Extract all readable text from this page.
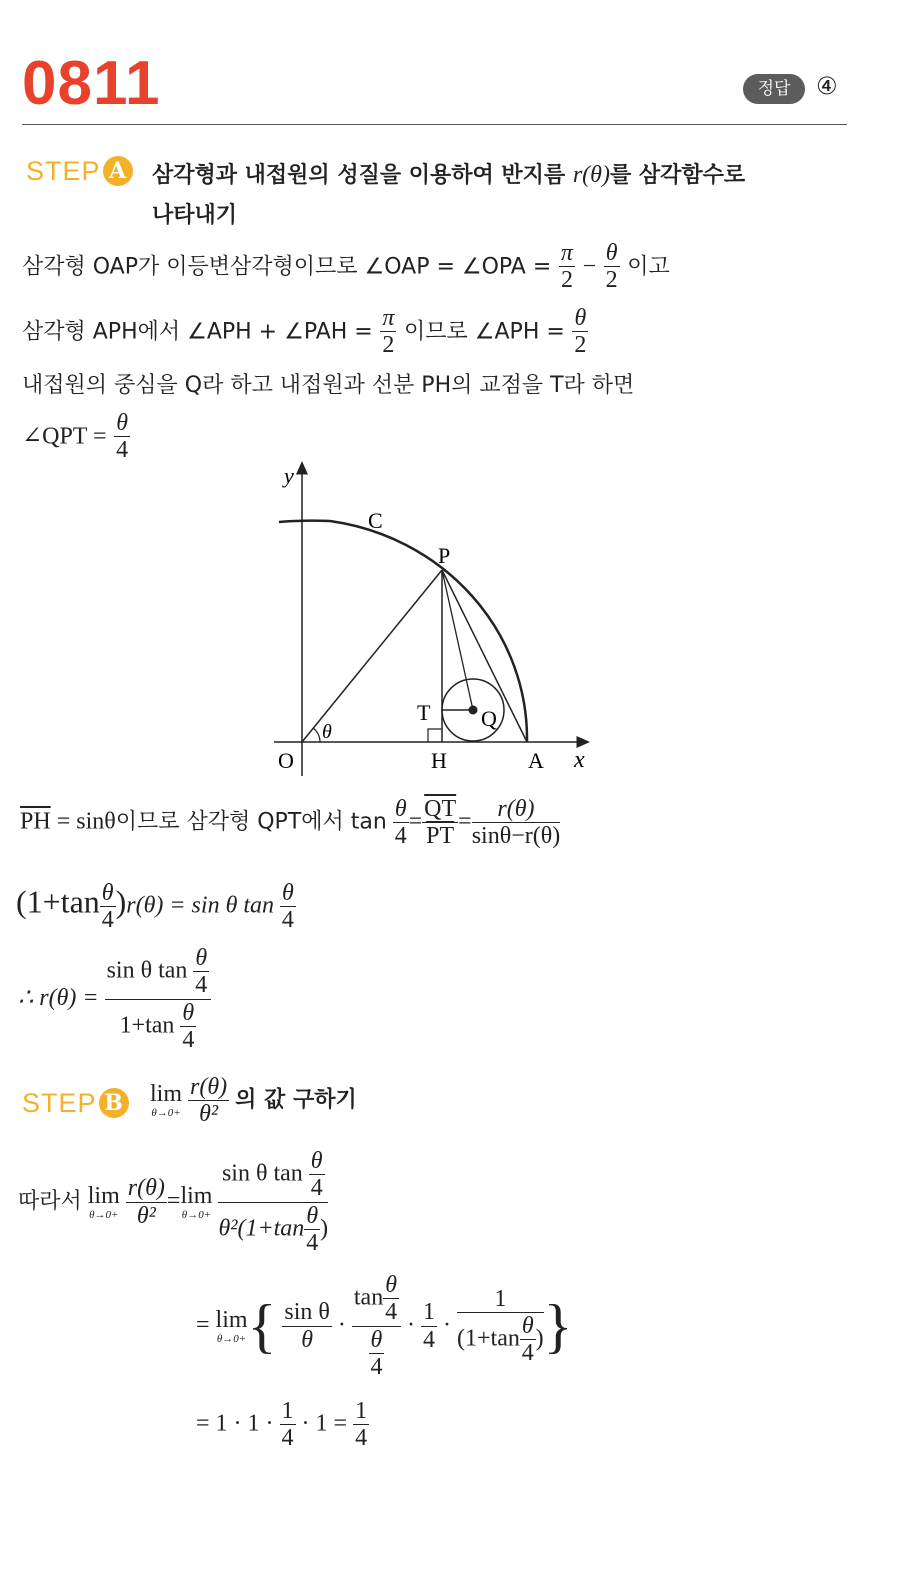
0811	정답	④
STEP A 삼각형과 내접원의 성질을 이용하여 반지름 r(θ)를 삼각함수로
나타내기
삼각형 OAP가 이등변삼각형이므로 ∠OAP = ∠OPA = $\frac{\pi}{2} - \frac{\theta}{2}$ 이고
삼각형 APH에서 ∠APH + ∠PAH = $\frac{\pi}{2}$ 이므로 ∠APH = $\frac{\theta}{2}$
내접원의 중심을 Q라 하고 내접원과 선분 PH의 교점을 T라 하면
∠QPT = $\frac{\theta}{4}$
y
x
C
P
T Q
O	H	A
θ
$\overline{PH} = \sin\theta$이므로 삼각형 QPT에서 $\tan \frac{\theta}{4} = \frac{\overline{QT}}{PT} = \frac{r(\theta)}{\sin\theta-r(\theta)}$
$(1+\tan \frac{\theta}{4} )r(\theta) = \sin \theta$ $\tan \frac{\theta}{4}$
∴ $r(\theta) = \frac{\sin \theta \tan \frac{\theta}{4}}{1+\tan \frac{\theta}{4}}$
STEP B lim
θ→0+
$\frac{r(\theta)}{\text{θ²}}$ 의 값 구하기
따라서 lim
θ→0+
$\frac{r(\theta)}{\text{θ²}} =\lim$
θ→0+
$\frac{\sin \theta \tan \frac{\theta}{4}}{\theta^2(1+\tan \frac{\theta}{4} )}$
= lim
θ→0+ { $\frac{\text{sin θ}}{\theta} \cdot \frac{\tan \frac{\theta}{4}}{\frac{\theta}{4}} \cdot \frac{1}{4} \cdot \frac{1}{(1+\tan \frac{\theta}{4} )}$ }
= $1 \cdot 1 \cdot \frac{1}{4} \cdot 1 = \frac{1}{4}$
